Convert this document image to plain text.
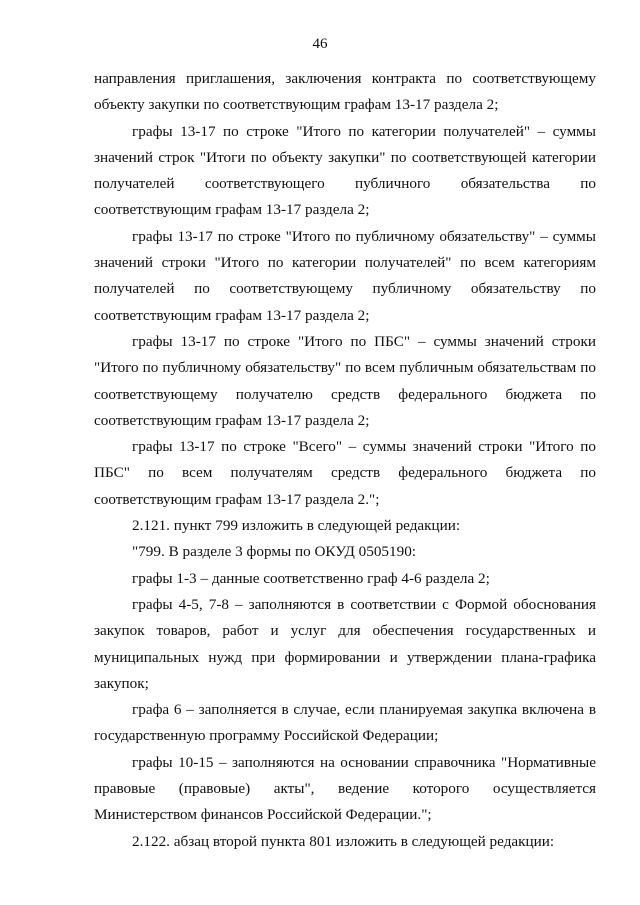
46
направления приглашения, заключения контракта по соответствующему
объекту закупки по соответствующим графам 13-17 раздела 2;
графы 13-17 по строке "Итого по категории получателей" – суммы
значений строк "Итоги по объекту закупки" по соответствующей категории
получателей соответствующего публичного обязательства по
соответствующим графам 13-17 раздела 2;
графы 13-17 по строке "Итого по публичному обязательству" – суммы
значений строки "Итого по категории получателей" по всем категориям
получателей по соответствующему публичному обязательству по
соответствующим графам 13-17 раздела 2;
графы 13-17 по строке "Итого по ПБС" – суммы значений строки
"Итого по публичному обязательству" по всем публичным обязательствам по
соответствующему получателю средств федерального бюджета по
соответствующим графам 13-17 раздела 2;
графы 13-17 по строке "Всего" – суммы значений строки "Итого по
ПБС" по всем получателям средств федерального бюджета по
соответствующим графам 13-17 раздела 2.";
2.121. пункт 799 изложить в следующей редакции:
"799. В разделе 3 формы по ОКУД 0505190:
графы 1-3 – данные соответственно граф 4-6 раздела 2;
графы 4-5, 7-8 – заполняются в соответствии с Формой обоснования
закупок товаров, работ и услуг для обеспечения государственных и
муниципальных нужд при формировании и утверждении плана-графика
закупок;
графа 6 – заполняется в случае, если планируемая закупка включена в
государственную программу Российской Федерации;
графы 10-15 – заполняются на основании справочника "Нормативные
правовые (правовые) акты", ведение которого осуществляется
Министерством финансов Российской Федерации.";
2.122. абзац второй пункта 801 изложить в следующей редакции:
